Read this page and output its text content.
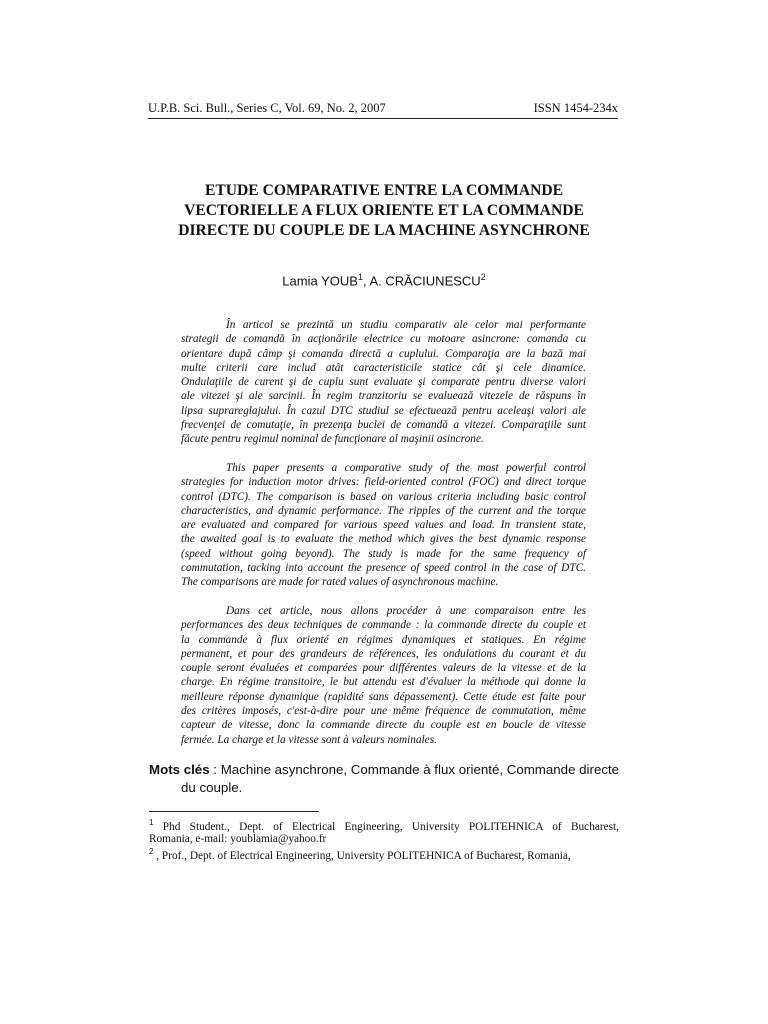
U.P.B. Sci. Bull., Series C, Vol. 69, No. 2, 2007	ISSN 1454-234x
ETUDE COMPARATIVE ENTRE LA COMMANDE
VECTORIELLE A FLUX ORIENTE ET LA COMMANDE
DIRECTE DU COUPLE DE LA MACHINE ASYNCHRONE
Lamia YOUB$^1$, A. CRĂCIUNESCU$^2$

În articol se prezintă un studiu comparativ ale celor mai performante
strategii de comandă în acţionările electrice cu motoare asincrone: comanda cu
orientare după câmp şi comanda directă a cuplului. Comparaţia are la bază mai
multe criterii care includ atât caracteristicile statice cât şi cele dinamice.
Ondulaţiile de curent şi de cuplu sunt evaluate şi comparate pentru diverse valori
ale vitezei şi ale sarcinii. În regim tranzitoriu se evaluează vitezele de răspuns în
lipsa suprareglajului. În cazul DTC studiul se efectuează pentru aceleaşi valori ale
frecvenţei de comutaţie, în prezenţa buclei de comandă a vitezei. Comparaţiile sunt
făcute pentru regimul nominal de funcţionare al maşinii asincrone.

This paper presents a comparative study of the most powerful control
strategies for induction motor drives: field-oriented control (FOC) and direct torque
control (DTC). The comparison is based on various criteria including basic control
characteristics, and dynamic performance. The ripples of the current and the torque
are evaluated and compared for various speed values and load. In transient state,
the awaited goal is to evaluate the method which gives the best dynamic response
(speed without going beyond). The study is made for the same frequency of
commutation, tacking into account the presence of speed control in the case of DTC.
The comparisons are made for rated values of asynchronous machine.

Dans cet article, nous allons procéder à une comparaison entre les
performances des deux techniques de commande : la commande directe du couple et
la commande à flux orienté en régimes dynamiques et statiques. En régime
permanent, et pour des grandeurs de références, les ondulations du courant et du
couple seront évaluées et comparées pour différentes valeurs de la vitesse et de la
charge. En régime transitoire, le but attendu est d'évaluer la méthode qui donne la
meilleure réponse dynamique (rapidité sans dépassement). Cette étude est faite pour
des critères imposés, c'est-à-dire pour une même fréquence de commutation, même
capteur de vitesse, donc la commande directe du couple est en boucle de vitesse
fermée. La charge et la vitesse sont à valeurs nominales.

Mots clés : Machine asynchrone, Commande à flux orienté, Commande directe
du couple.
$^1$ Phd Student., Dept. of Electrical Engineering, University POLITEHNICA of Bucharest,
Romania, e-mail: youblamia@yahoo.fr
$^2$ , Prof., Dept. of Electrical Engineering, University POLITEHNICA of Bucharest, Romania,
